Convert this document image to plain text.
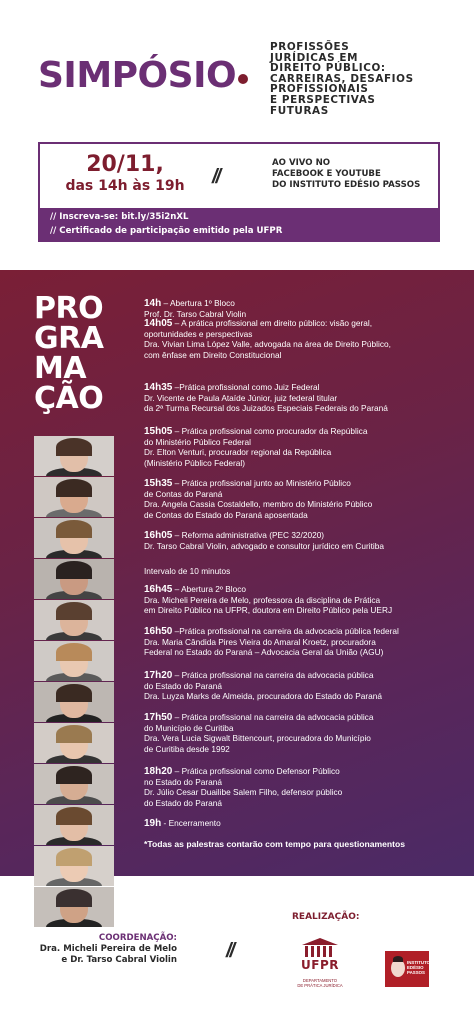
SIMPÓSIO
PROFISSÕES
JURÍDICAS EM
DIREITO PÚBLICO:
CARREIRAS, DESAFIOS
PROFISSIONAIS
E PERSPECTIVAS
FUTURAS
20/11,
das 14h às 19h	//
AO VIVO NO
FACEBOOK E YOUTUBE
DO INSTITUTO EDÉSIO PASSOS
// Inscreva-se: bit.ly/35i2nXL
// Certificado de participação emitido pela UFPR
PRO
GRA
MA
ÇÃO
14h – Abertura 1º Bloco
Prof. Dr. Tarso Cabral Violin
14h05 – A prática profissional em direito público: visão geral,
oportunidades e perspectivas
Dra. Vivian Lima López Valle, advogada na área de Direito Público,
com ênfase em Direito Constitucional
14h35 –Prática profissional como Juiz Federal
Dr. Vicente de Paula Ataíde Júnior, juiz federal titular
da 2ª Turma Recursal dos Juizados Especiais Federais do Paraná
15h05 – Prática profissional como procurador da República
do Ministério Público Federal
Dr. Elton Venturi, procurador regional da República
(Ministério Público Federal)
15h35 – Prática profissional junto ao Ministério Público
de Contas do Paraná
Dra. Angela Cassia Costaldello, membro do Ministério Público
de Contas do Estado do Paraná aposentada
16h05 – Reforma administrativa (PEC 32/2020)
Dr. Tarso Cabral Violin, advogado e consultor jurídico em Curitiba
Intervalo de 10 minutos
16h45 – Abertura 2º Bloco
Dra. Micheli Pereira de Melo, professora da disciplina de Prática
em Direito Público na UFPR, doutora em Direito Público pela UERJ
16h50 –Prática profissional na carreira da advocacia pública federal
Dra. Maria Cândida Pires Vieira do Amaral Kroetz, procuradora
Federal no Estado do Paraná – Advocacia Geral da União (AGU)
17h20 – Prática profissional na carreira da advocacia pública
do Estado do Paraná
Dra. Luyza Marks de Almeida, procuradora do Estado do Paraná
17h50 – Prática profissional na carreira da advocacia pública
do Município de Curitiba
Dra. Vera Lucia Sigwalt Bittencourt, procuradora do Município
de Curitiba desde 1992
18h20 – Prática profissional como Defensor Público
no Estado do Paraná
Dr. Júlio Cesar Duailibe Salem Filho, defensor público
do Estado do Paraná
19h - Encerramento
*Todas as palestras contarão com tempo para questionamentos
COORDENAÇÃO:
Dra. Micheli Pereira de Melo
e Dr. Tarso Cabral Violin //
REALIZAÇÃO:
UFPR
DEPARTAMENTO
DE PRÁTICA JURÍDICA
INSTITUTO
EDÉSIO
PASSOS
